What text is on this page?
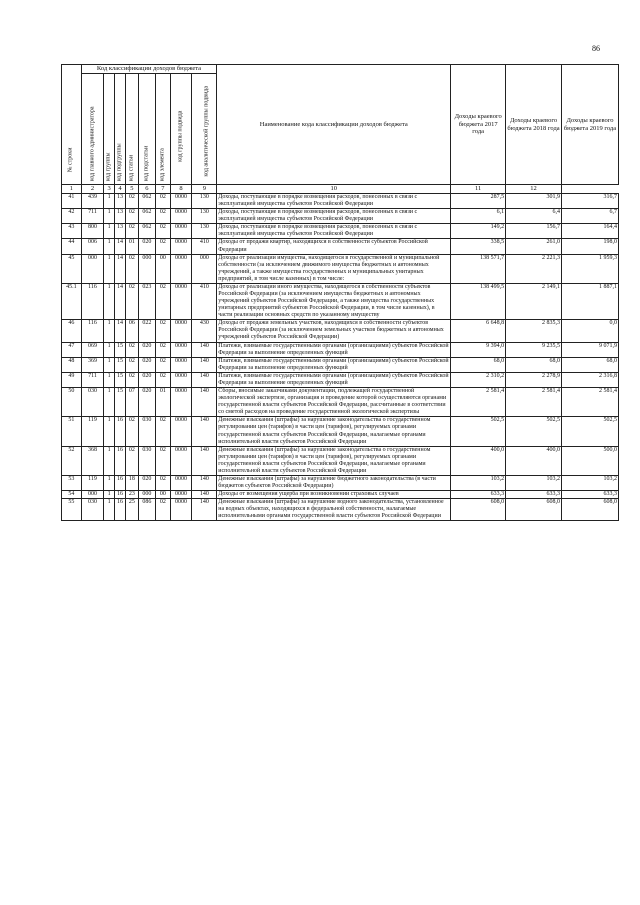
86
№ строки	Код классификации доходов бюджета								Наименование кода классификации доходов бюджета	Доходы краевого бюджета 2017 года	Доходы краевого бюджета 2018 года	Доходы краевого бюджета 2019 года

	код главного администратора	код группы	код подгруппы	код статьи	код подстатьи	код элемента	код группы подвида	код аналитической группы подвида				

1	2	3	4	5	6	7	8	9	10	11	12	
41	439	1	13	02	062	02	0000	130	Доходы, поступающие в порядке возмещения расходов, понесенных в связи с эксплуатацией имущества субъектов Российской Федерации	287,5	301,9	316,7
42	711	1	13	02	062	02	0000	130	Доходы, поступающие в порядке возмещения расходов, понесенных в связи с эксплуатацией имущества субъектов Российской Федерации	6,1	6,4	6,7
43	800	1	13	02	062	02	0000	130	Доходы, поступающие в порядке возмещения расходов, понесенных в связи с эксплуатацией имущества субъектов Российской Федерации	149,2	156,7	164,4
44	006	1	14	01	020	02	0000	410	Доходы от продажи квартир, находящихся в собственности субъектов Российской Федерации	338,5	261,0	198,0
45	000	1	14	02	000	00	0000	000	Доходы от реализации имущества, находящегося в государственной и муниципальной собственности (за исключением движимого имущества бюджетных и автономных учреждений, а также имущества государственных и муниципальных унитарных предприятий, в том числе казенных) в том числе:	138 571,7	2 221,3	1 959,3
45.1	116	1	14	02	023	02	0000	410	Доходы от реализации иного имущества, находящегося в собственности субъектов Российской Федерации (за исключением имущества бюджетных и автономных учреждений субъектов Российской Федерации, а также имущества государственных унитарных предприятий субъектов Российской Федерации, в том числе казенных), в части реализации основных средств по указанному имуществу	138 499,5	2 149,1	1 887,1
46	116	1	14	06	022	02	0000	430	Доходы от продажи земельных участков, находящихся в собственности субъектов Российской Федерации (за исключением земельных участков бюджетных и автономных учреждений субъектов Российской Федерации)	6 648,8	2 835,3	0,0
47	069	1	15	02	020	02	0000	140	Платежи, взимаемые государственными органами (организациями) субъектов Российской Федерации за выполнение определенных функций	9 394,0	9 235,5	9 071,9
48	369	1	15	02	020	02	0000	140	Платежи, взимаемые государственными органами (организациями) субъектов Российской Федерации за выполнение определенных функций	68,0	68,0	68,0
49	711	1	15	02	020	02	0000	140	Платежи, взимаемые государственными органами (организациями) субъектов Российской Федерации за выполнение определенных функций	2 310,2	2 278,9	2 316,8
50	030	1	15	07	020	01	0000	140	Сборы, вносимые заказчиками документации, подлежащей государственной экологической экспертизе, организация и проведение которой осуществляются органами государственной власти субъектов Российской Федерации, рассчитанные в соответствии со сметой расходов на проведение государственной экологической экспертизы	2 581,4	2 581,4	2 581,4
51	119	1	16	02	030	02	0000	140	Денежные взыскания (штрафы) за нарушение законодательства о государственном регулировании цен (тарифов) в части цен (тарифов), регулируемых органами государственной власти субъектов Российской Федерации, налагаемые органами исполнительной власти субъектов Российской Федерации	502,5	502,5	502,5
52	368	1	16	02	030	02	0000	140	Денежные взыскания (штрафы) за нарушение законодательства о государственном регулировании цен (тарифов) в части цен (тарифов), регулируемых органами государственной власти субъектов Российской Федерации, налагаемые органами исполнительной власти субъектов Российской Федерации	400,0	400,0	500,0
53	119	1	16	18	020	02	0000	140	Денежные взыскания (штрафы) за нарушение бюджетного законодательства (в части бюджетов субъектов Российской Федерации)	103,2	103,2	103,2
54	000	1	16	23	000	00	0000	140	Доходы от возмещения ущерба при возникновении страховых случаев	633,3	633,3	633,3
55	030	1	16	25	086	02	0000	140	Денежные взыскания (штрафы) за нарушение водного законодательства, установленное на водных объектах, находящихся в федеральной собственности, налагаемые исполнительными органами государственной власти субъектов Российской Федерации	608,0	608,0	608,0
